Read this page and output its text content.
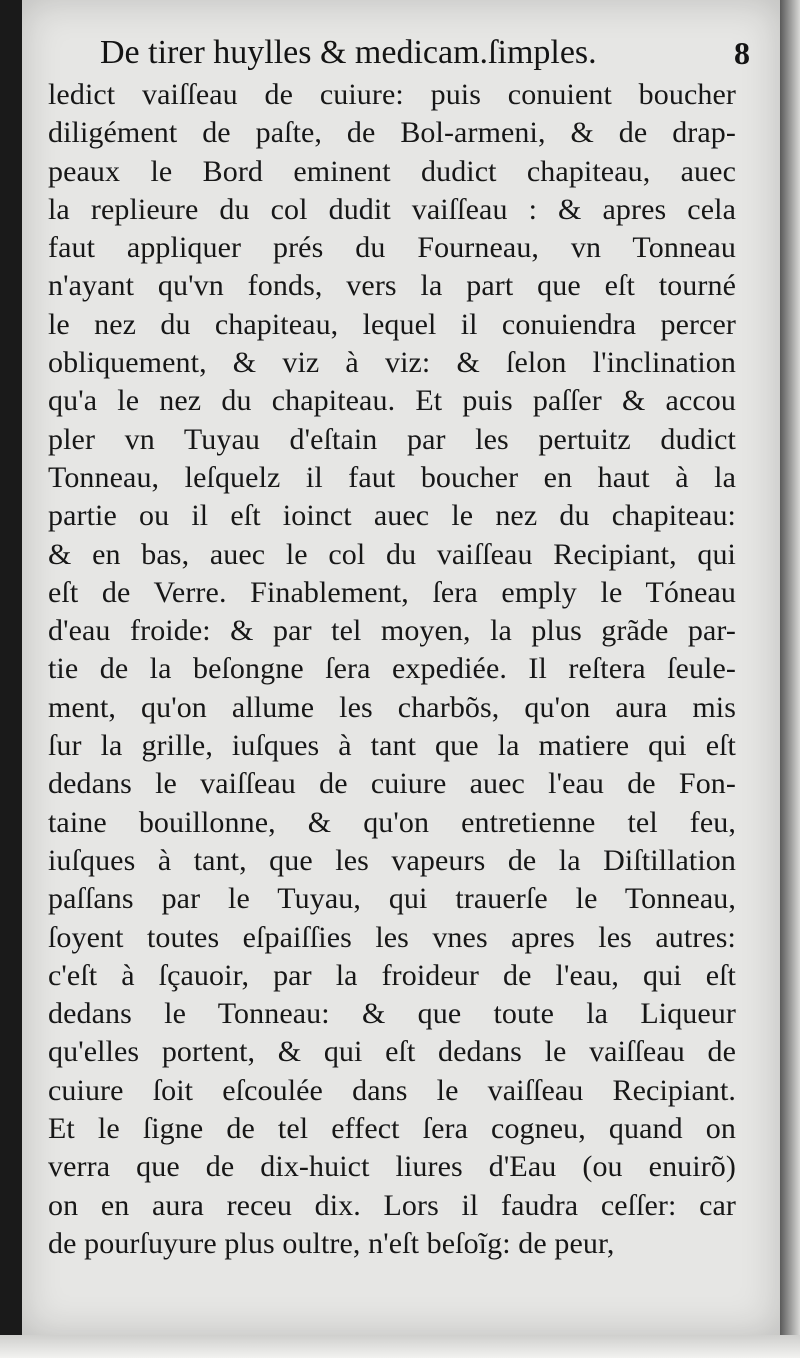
De tirer huylles & medicam.ſimples.	8
ledict vaiſſeau de cuiure: puis conuient boucher
diligément de paſte, de Bol-armeni, & de drap-
peaux le Bord eminent dudict chapiteau, auec
la replieure du col dudit vaiſſeau : & apres cela
faut appliquer prés du Fourneau, vn Tonneau
n'ayant qu'vn fonds, vers la part que eſt tourné
le nez du chapiteau, lequel il conuiendra percer
obliquement, & viz à viz: & ſelon l'inclination
qu'a le nez du chapiteau. Et puis paſſer & accou
pler vn Tuyau d'eſtain par les pertuitz dudict
Tonneau, leſquelz il faut boucher en haut à la
partie ou il eſt ioinct auec le nez du chapiteau:
& en bas, auec le col du vaiſſeau Recipiant, qui
eſt de Verre. Finablement, ſera emply le Tóneau
d'eau froide: & par tel moyen, la plus grãde par-
tie de la beſongne ſera expediée. Il reſtera ſeule-
ment, qu'on allume les charbõs, qu'on aura mis
ſur la grille, iuſques à tant que la matiere qui eſt
dedans le vaiſſeau de cuiure auec l'eau de Fon-
taine bouillonne, & qu'on entretienne tel feu,
iuſques à tant, que les vapeurs de la Diſtillation
paſſans par le Tuyau, qui trauerſe le Tonneau,
ſoyent toutes eſpaiſſies les vnes apres les autres:
c'eſt à ſçauoir, par la froideur de l'eau, qui eſt
dedans le Tonneau: & que toute la Liqueur
qu'elles portent, & qui eſt dedans le vaiſſeau de
cuiure ſoit eſcoulée dans le vaiſſeau Recipiant.
Et le ſigne de tel effect ſera cogneu, quand on
verra que de dix-huict liures d'Eau (ou enuirõ)
on en aura receu dix. Lors il faudra ceſſer: car
de pourſuyure plus oultre, n'eſt beſoĩg: de peur,
